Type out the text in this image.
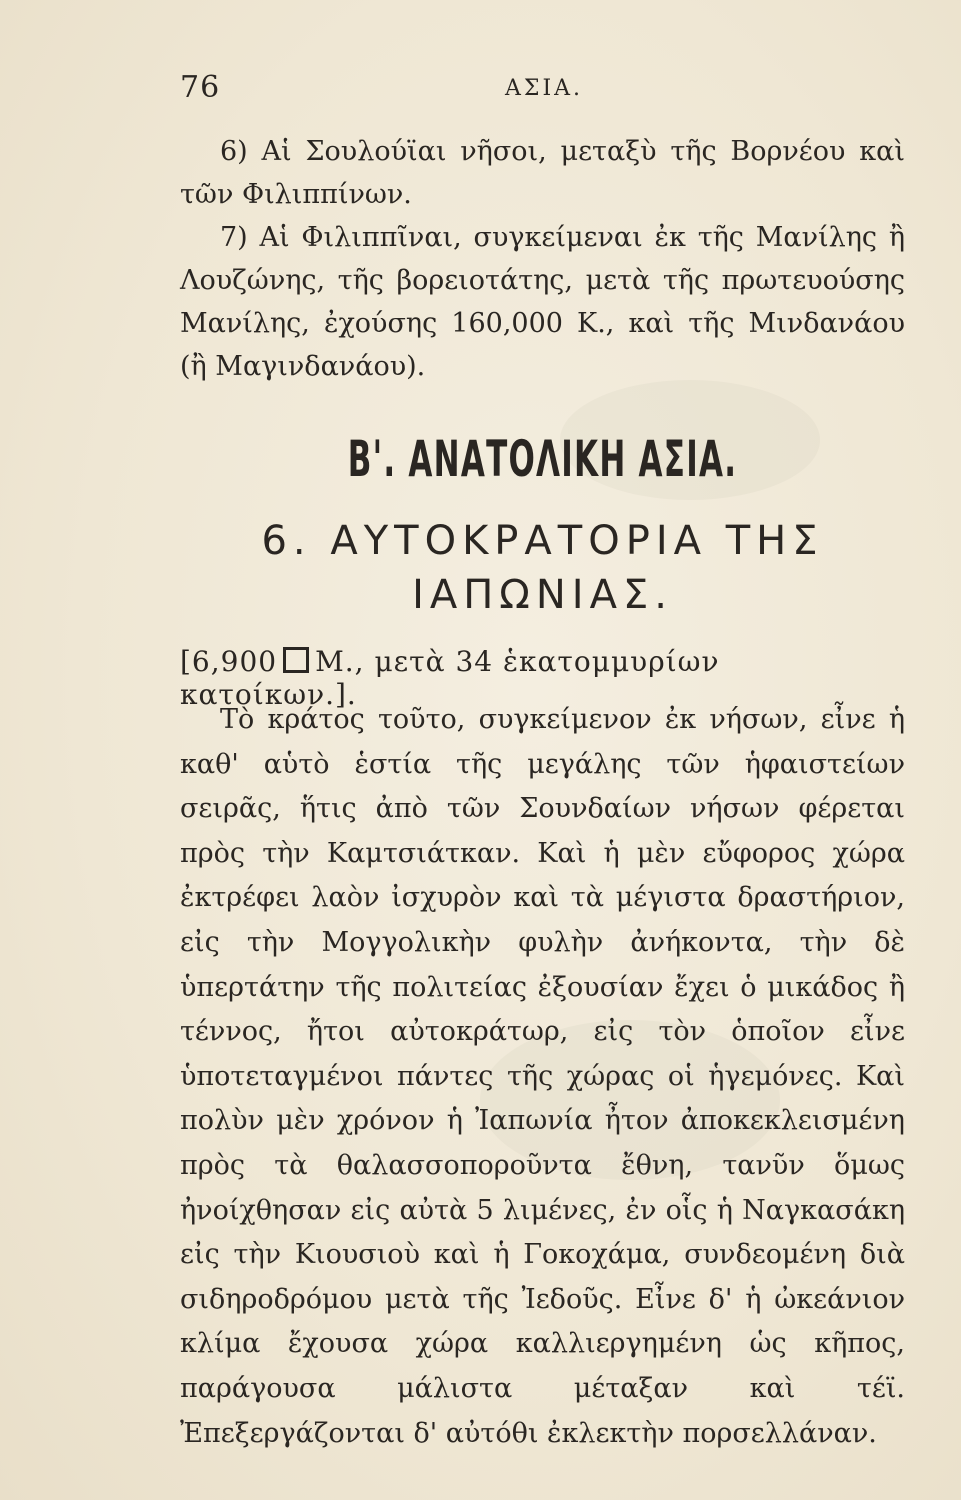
76	ΑΣΙΑ.

6) Αἱ Σουλούϊαι νῆσοι, μεταξὺ τῆς Βορνέου καὶ τῶν Φιλιππίνων.

7) Αἱ Φιλιππῖναι, συγκείμεναι ἐκ τῆς Μανίλης ἢ Λουζώνης, τῆς βορειοτάτης, μετὰ τῆς πρωτευούσης Μανίλης, ἐχούσης 160,000 Κ., καὶ τῆς Μινδανάου (ἢ Μαγινδανάου).

Β'. ΑΝΑΤΟΛΙΚΗ ΑΣΙΑ.
6. ΑΥΤΟΚΡΑΤΟΡΙΑ ΤΗΣ
ΙΑΠΩΝΙΑΣ.
[6,900 Μ., μετὰ 34 ἑκατομμυρίων κατοίκων.].

Τὸ κράτος τοῦτο, συγκείμενον ἐκ νήσων, εἶνε ἡ καθ' αὑτὸ ἑστία τῆς μεγάλης τῶν ἡφαιστείων σειρᾶς, ἥτις ἀπὸ τῶν Σουνδαίων νήσων φέρεται πρὸς τὴν Καμτσιάτκαν. Καὶ ἡ μὲν εὔφορος χώρα ἐκτρέφει λαὸν ἰσχυρὸν καὶ τὰ μέγιστα δραστήριον, εἰς τὴν Μογγολικὴν φυλὴν ἀνήκοντα, τὴν δὲ ὑπερτάτην τῆς πολιτείας ἐξουσίαν ἔχει ὁ μικάδος ἢ τέννος, ἤτοι αὐτοκράτωρ, εἰς τὸν ὁποῖον εἶνε ὑποτεταγμένοι πάντες τῆς χώρας οἱ ἡγεμόνες. Καὶ πολὺν μὲν χρόνον ἡ Ἰαπωνία ἦτον ἀποκεκλεισμένη πρὸς τὰ θαλασσοποροῦντα ἔθνη, τανῦν ὅμως ἠνοίχθησαν εἰς αὐτὰ 5 λιμένες, ἐν οἷς ἡ Ναγκασάκη εἰς τὴν Κιουσιοὺ καὶ ἡ Γοκοχάμα, συνδεομένη διὰ σιδηροδρόμου μετὰ τῆς Ἰεδοῦς. Εἶνε δ' ἡ ὠκεάνιον κλίμα ἔχουσα χώρα καλλιεργημένη ὡς κῆπος, παράγουσα μάλιστα μέταξαν καὶ τέϊ. Ἐπεξεργάζονται δ' αὐτόθι ἐκλεκτὴν πορσελλάναν.
